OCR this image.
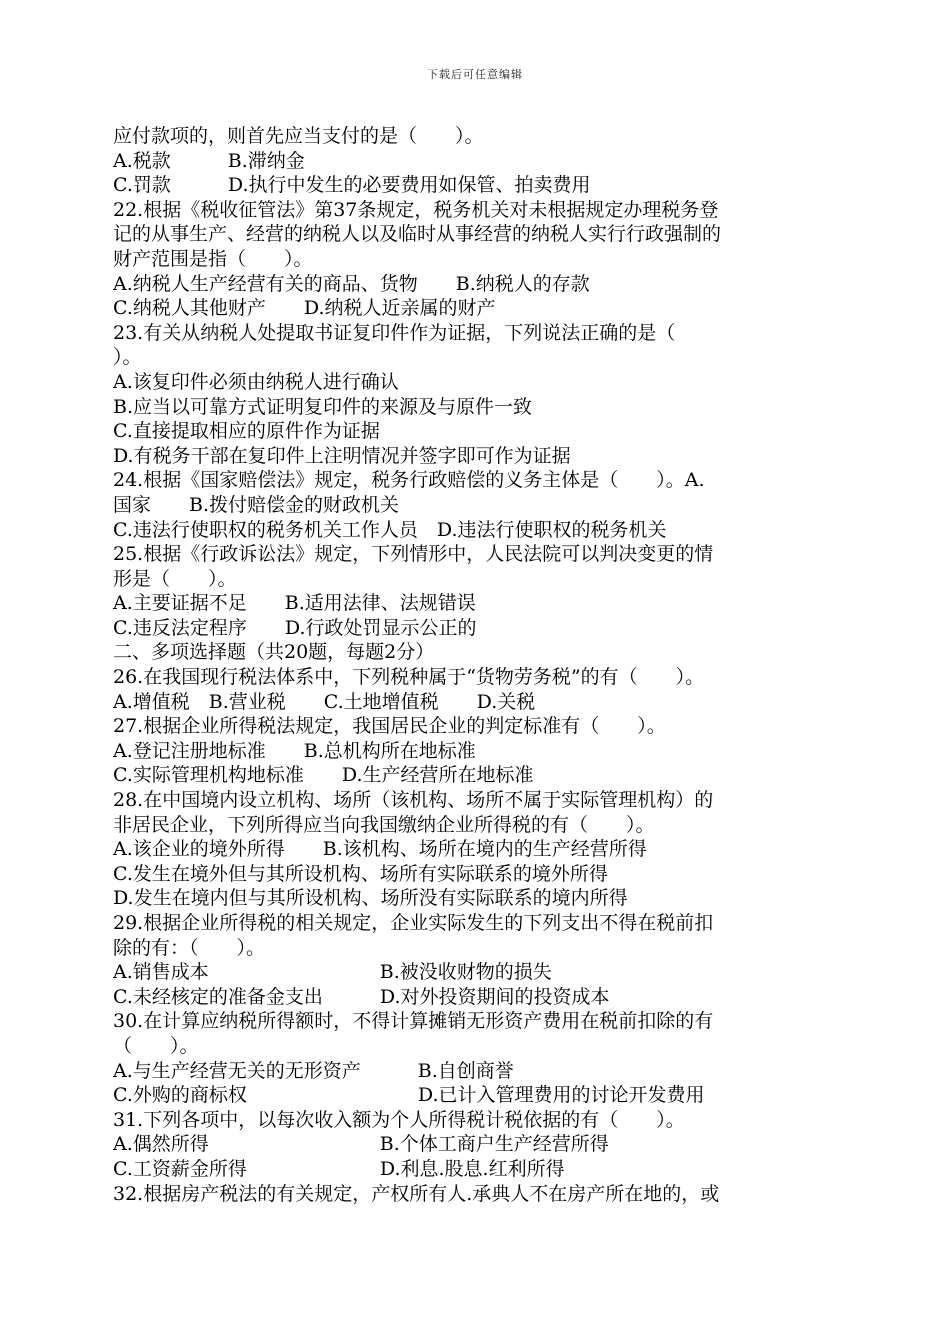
下载后可任意编辑
应付款项的，则首先应当支付的是（　　）。
A.税款　　　B.滞纳金
C.罚款　　　D.执行中发生的必要费用如保管、拍卖费用
22.根据《税收征管法》第37条规定，税务机关对未根据规定办理税务登
记的从事生产、经营的纳税人以及临时从事经营的纳税人实行行政强制的
财产范围是指（　　）。
A.纳税人生产经营有关的商品、货物　　B.纳税人的存款
C.纳税人其他财产　　D.纳税人近亲属的财产
23.有关从纳税人处提取书证复印件作为证据，下列说法正确的是（
）。
A.该复印件必须由纳税人进行确认
B.应当以可靠方式证明复印件的来源及与原件一致
C.直接提取相应的原件作为证据
D.有税务干部在复印件上注明情况并签字即可作为证据
24.根据《国家赔偿法》规定，税务行政赔偿的义务主体是（　　）。A.
国家　　B.拨付赔偿金的财政机关
C.违法行使职权的税务机关工作人员　D.违法行使职权的税务机关
25.根据《行政诉讼法》规定，下列情形中，人民法院可以判决变更的情
形是（　　）。
A.主要证据不足　　B.适用法律、法规错误
C.违反法定程序　　D.行政处罚显示公正的
二、多项选择题（共20题，每题2分）
26.在我国现行税法体系中，下列税种属于“货物劳务税”的有（　　）。
A.增值税　B.营业税　　C.土地增值税　　D.关税
27.根据企业所得税法规定，我国居民企业的判定标准有（　　）。
A.登记注册地标准　　B.总机构所在地标准
C.实际管理机构地标准　　D.生产经营所在地标准
28.在中国境内设立机构、场所（该机构、场所不属于实际管理机构）的
非居民企业，下列所得应当向我国缴纳企业所得税的有（　　）。
A.该企业的境外所得　　B.该机构、场所在境内的生产经营所得
C.发生在境外但与其所设机构、场所有实际联系的境外所得
D.发生在境内但与其所设机构、场所没有实际联系的境内所得
29.根据企业所得税的相关规定，企业实际发生的下列支出不得在税前扣
除的有：（　　）。
A.销售成本　　　　　　　　　B.被没收财物的损失
C.未经核定的准备金支出　　　D.对外投资期间的投资成本
30.在计算应纳税所得额时，不得计算摊销无形资产费用在税前扣除的有
（　　）。
A.与生产经营无关的无形资产　　　B.自创商誉
C.外购的商标权　　　　　　　　　D.已计入管理费用的讨论开发费用
31.下列各项中，以每次收入额为个人所得税计税依据的有（　　）。
A.偶然所得　　　　　　　　　B.个体工商户生产经营所得
C.工资薪金所得　　　　　　　D.利息.股息.红利所得
32.根据房产税法的有关规定，产权所有人.承典人不在房产所在地的，或
